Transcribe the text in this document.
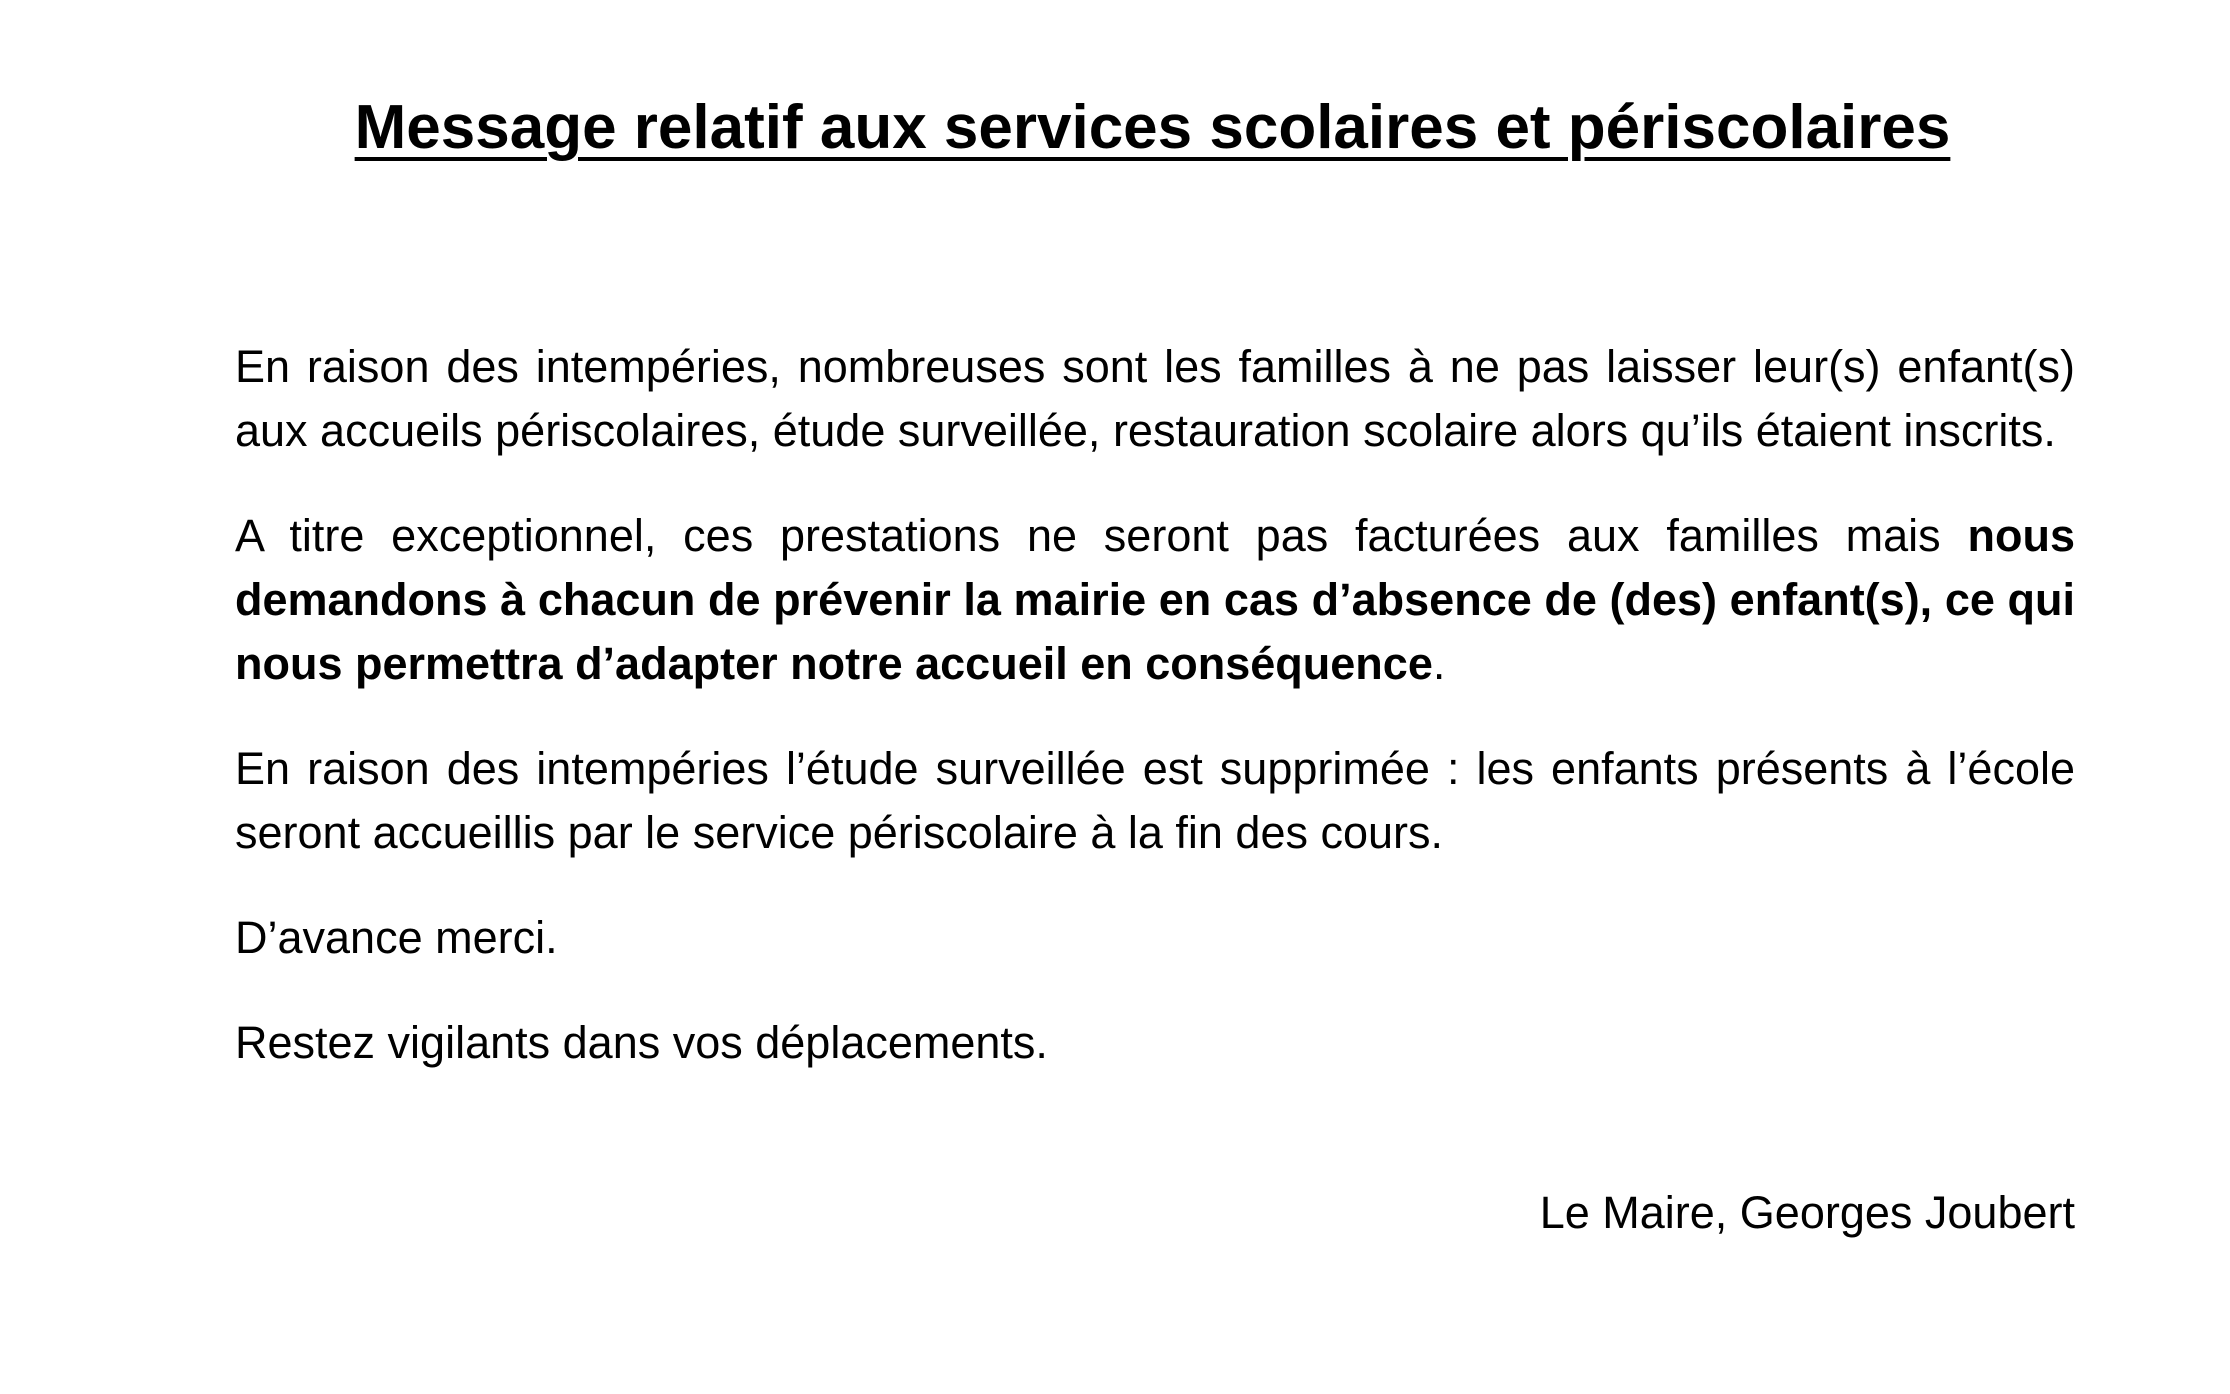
Message relatif aux services scolaires et périscolaires

En raison des intempéries, nombreuses sont les familles à ne pas laisser leur(s) enfant(s) aux accueils périscolaires, étude surveillée, restauration scolaire alors qu’ils étaient inscrits.

A titre exceptionnel, ces prestations ne seront pas facturées aux familles mais nous demandons à chacun de prévenir la mairie en cas d’absence de (des) enfant(s), ce qui nous permettra d’adapter notre accueil en conséquence.

En raison des intempéries l’étude surveillée est supprimée : les enfants présents à l’école seront accueillis par le service périscolaire à la fin des cours.

D’avance merci.

Restez vigilants dans vos déplacements.

Le Maire, Georges Joubert
